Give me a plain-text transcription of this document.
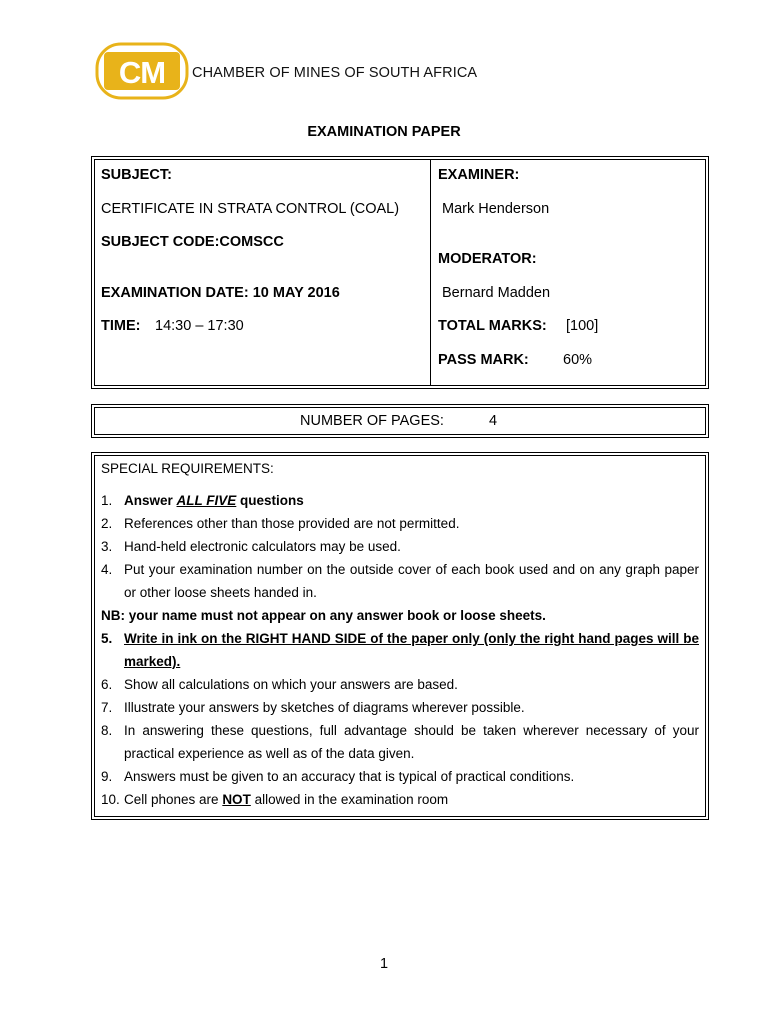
CM CHAMBER OF MINES OF SOUTH AFRICA
EXAMINATION PAPER
SUBJECT:
CERTIFICATE IN STRATA CONTROL (COAL)
SUBJECT CODE:COMSCC
EXAMINATION DATE: 10 MAY 2016
TIME: 14:30 – 17:30
EXAMINER:
Mark Henderson
MODERATOR:
Bernard Madden
TOTAL MARKS: [100]
PASS MARK: 60%
NUMBER OF PAGES:	4
SPECIAL REQUIREMENTS:
1. Answer ALL FIVE questions
2. References other than those provided are not permitted.
3. Hand-held electronic calculators may be used.
4. Put your examination number on the outside cover of each book used and on any graph paper or other loose sheets handed in.
NB: your name must not appear on any answer book or loose sheets.
5. Write in ink on the RIGHT HAND SIDE of the paper only (only the right hand pages will be marked).
6. Show all calculations on which your answers are based.
7. Illustrate your answers by sketches of diagrams wherever possible.
8. In answering these questions, full advantage should be taken wherever necessary of your practical experience as well as of the data given.
9. Answers must be given to an accuracy that is typical of practical conditions.
10. Cell phones are NOT allowed in the examination room
1
